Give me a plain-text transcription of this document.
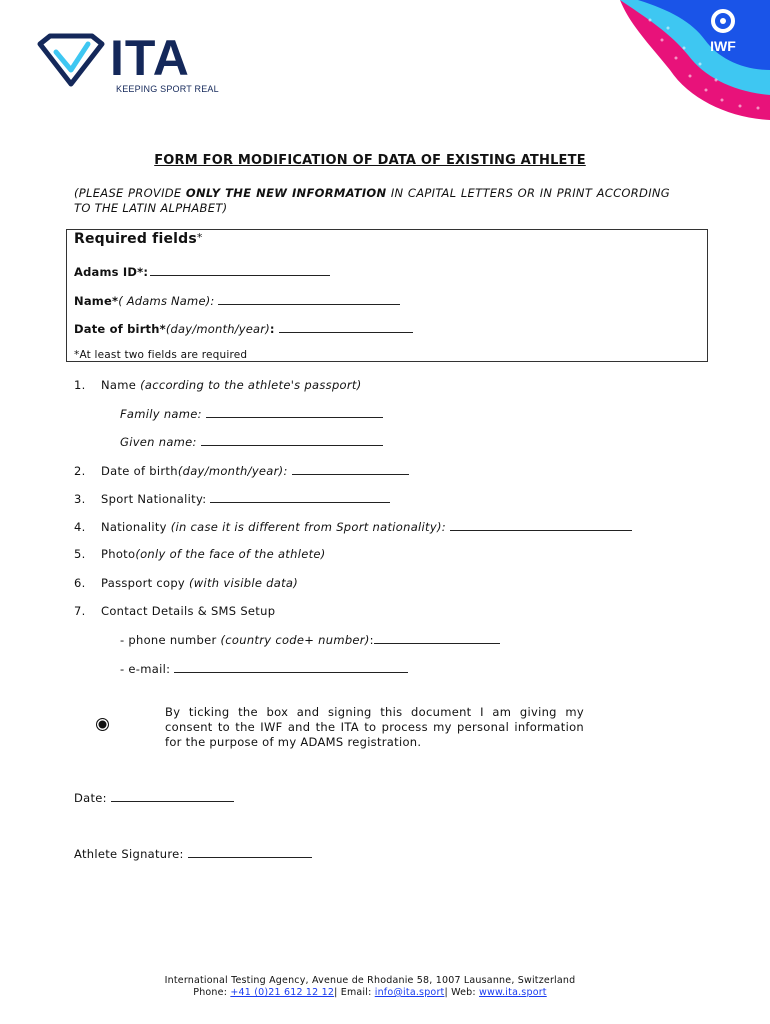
ITA
KEEPING SPORT REAL
IWF
FORM FOR MODIFICATION OF DATA OF EXISTING ATHLETE
(PLEASE PROVIDE ONLY THE NEW INFORMATION IN CAPITAL LETTERS OR IN PRINT ACCORDING TO THE LATIN ALPHABET)
Required fields*
Adams ID*:
Name*( Adams Name):
Date of birth*(day/month/year):
*At least two fields are required
1. Name (according to the athlete's passport)
Family name:
Given name:
2. Date of birth(day/month/year):
3. Sport Nationality:
4. Nationality (in case it is different from Sport nationality):
5. Photo(only of the face of the athlete)
6. Passport copy (with visible data)
7. Contact Details & SMS Setup
- phone number (country code+ number):
- e-mail:
By ticking the box and signing this document I am giving my consent to the IWF and the ITA to process my personal information for the purpose of my ADAMS registration.
Date:
Athlete Signature:
International Testing Agency, Avenue de Rhodanie 58, 1007 Lausanne, Switzerland
Phone: +41 (0)21 612 12 12| Email: info@ita.sport| Web: www.ita.sport
